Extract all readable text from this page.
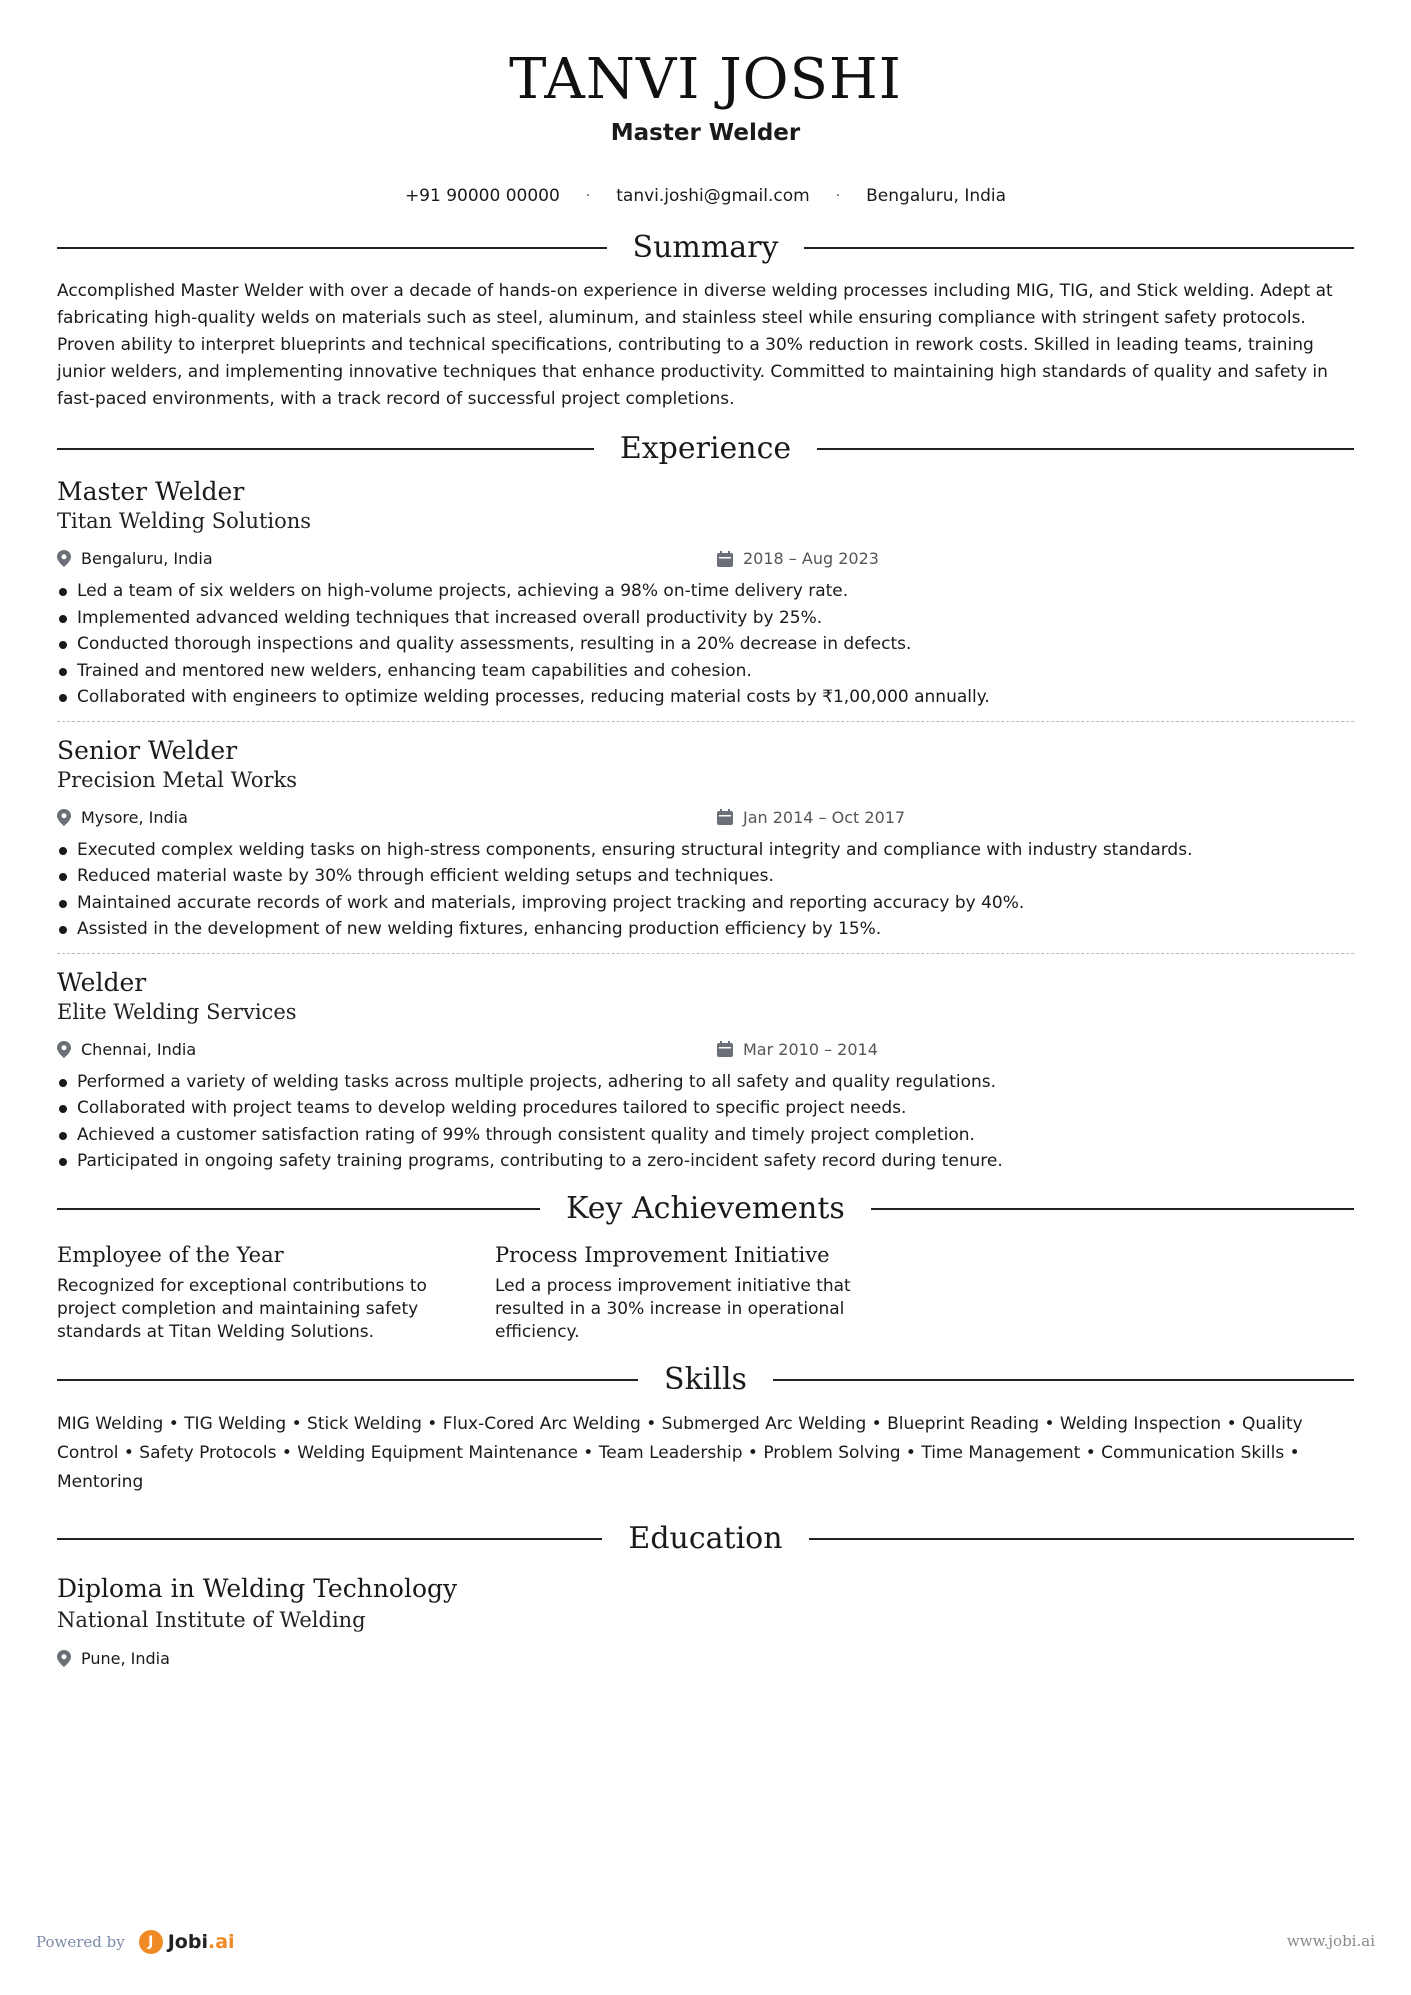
TANVI JOSHI
Master Welder
+91 90000 00000 · tanvi.joshi@gmail.com · Bengaluru, India
Summary
Accomplished Master Welder with over a decade of hands-on experience in diverse welding processes including MIG, TIG, and Stick welding. Adept at fabricating high-quality welds on materials such as steel, aluminum, and stainless steel while ensuring compliance with stringent safety protocols. Proven ability to interpret blueprints and technical specifications, contributing to a 30% reduction in rework costs. Skilled in leading teams, training junior welders, and implementing innovative techniques that enhance productivity. Committed to maintaining high standards of quality and safety in fast-paced environments, with a track record of successful project completions.
Experience
Master Welder
Titan Welding Solutions
Bengaluru, India	2018 – Aug 2023
Led a team of six welders on high-volume projects, achieving a 98% on-time delivery rate.
Implemented advanced welding techniques that increased overall productivity by 25%.
Conducted thorough inspections and quality assessments, resulting in a 20% decrease in defects.
Trained and mentored new welders, enhancing team capabilities and cohesion.
Collaborated with engineers to optimize welding processes, reducing material costs by ₹1,00,000 annually.
Senior Welder
Precision Metal Works
Mysore, India	Jan 2014 – Oct 2017
Executed complex welding tasks on high-stress components, ensuring structural integrity and compliance with industry standards.
Reduced material waste by 30% through efficient welding setups and techniques.
Maintained accurate records of work and materials, improving project tracking and reporting accuracy by 40%.
Assisted in the development of new welding fixtures, enhancing production efficiency by 15%.
Welder
Elite Welding Services
Chennai, India	Mar 2010 – 2014
Performed a variety of welding tasks across multiple projects, adhering to all safety and quality regulations.
Collaborated with project teams to develop welding procedures tailored to specific project needs.
Achieved a customer satisfaction rating of 99% through consistent quality and timely project completion.
Participated in ongoing safety training programs, contributing to a zero-incident safety record during tenure.
Key Achievements
Employee of the Year
Recognized for exceptional contributions to project completion and maintaining safety standards at Titan Welding Solutions.
Process Improvement Initiative
Led a process improvement initiative that resulted in a 30% increase in operational efficiency.
Skills
MIG Welding • TIG Welding • Stick Welding • Flux-Cored Arc Welding • Submerged Arc Welding • Blueprint Reading • Welding Inspection • Quality Control • Safety Protocols • Welding Equipment Maintenance • Team Leadership • Problem Solving • Time Management • Communication Skills • Mentoring
Education
Diploma in Welding Technology
National Institute of Welding
Pune, India
Powered by	J Jobi.ai	www.jobi.ai
